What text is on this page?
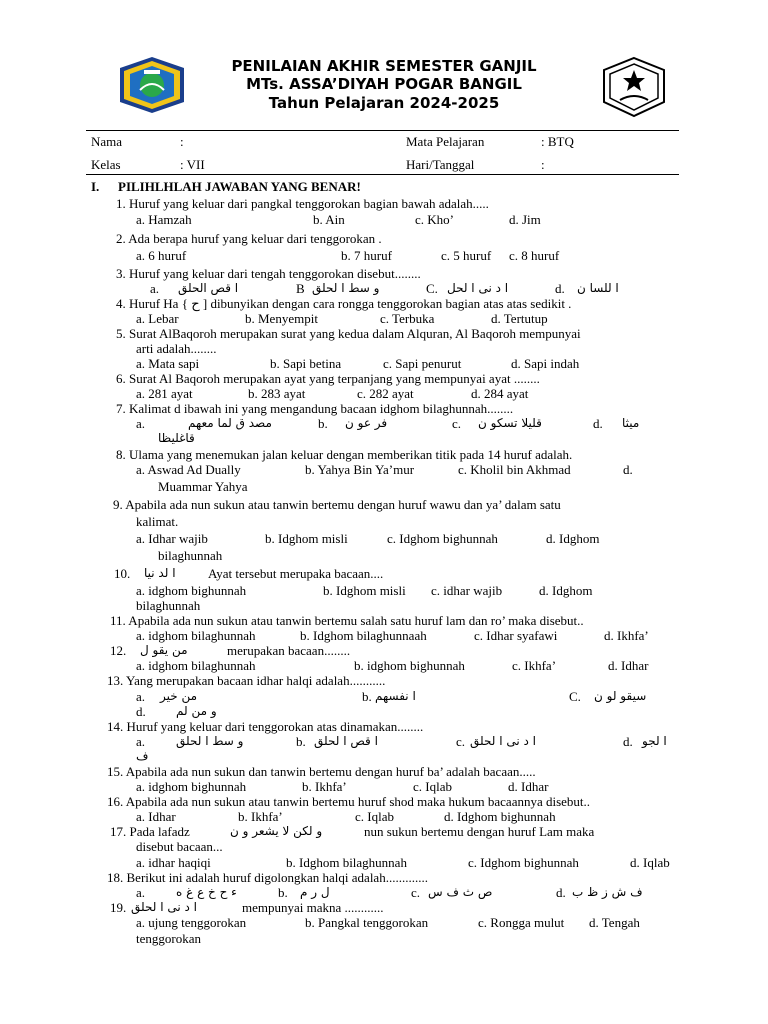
PENILAIAN AKHIR SEMESTER GANJIL
MTs. ASSA’DIYAH POGAR BANGIL
Tahun Pelajaran 2024-2025
Nama	:	Mata Pelajaran	: BTQ
Kelas	: VII	Hari/Tanggal	:
I. PILIHLHLAH JAWABAN YANG BENAR!
1. Huruf yang keluar dari pangkal tenggorokan bagian bawah adalah.....
a. Hamzah	b. Ain	c. Kho’	d. Jim
2. Ada berapa huruf yang keluar dari tenggorokan .
a. 6 huruf	b. 7 huruf	c. 5 huruf c. 8 huruf
3. Huruf yang keluar dari tengah tenggorokan disebut........
a. ا قص الحلق	B و سط ا لحلق	C. ا د نى ا لحل	d. ا للسا ن
4. Huruf Ha { ح ] dibunyikan dengan cara rongga tenggorokan bagian atas atas sedikit .
a. Lebar	b. Menyempit	c. Terbuka	d. Tertutup
5. Surat AlBaqoroh merupakan surat yang kedua dalam Alquran, Al Baqoroh mempunyai
arti adalah........
a. Mata sapi	b. Sapi betina	c. Sapi penurut	d. Sapi indah
6. Surat Al Baqoroh merupakan ayat yang terpanjang yang mempunyai ayat ........
a. 281 ayat	b. 283 ayat	c. 282 ayat	d. 284 ayat
7. Kalimat d ibawah ini yang mengandung bacaan idghom bilaghunnah........
a.	مصد ق لما معهم	b. فر عو ن	c. قليلا تسكو ن	d. ميثا
قاغليظا
8. Ulama yang menemukan jalan keluar dengan memberikan titik pada 14 huruf adalah.
a. Aswad Ad Dually	b. Yahya Bin Ya’mur	c. Kholil bin Akhmad	d.
Muammar Yahya
9. Apabila ada nun sukun atau tanwin bertemu dengan huruf wawu dan ya’ dalam satu
kalimat.
a. Idhar wajib	b. Idghom misli	c. Idghom bighunnah	d. Idghom
bilaghunnah
10. ا لد نيا Ayat tersebut merupaka bacaan....
a. idghom bighunnah	b. Idghom misli c. idhar wajib	d. Idghom
bilaghunnah
11. Apabila ada nun sukun atau tanwin bertemu salah satu huruf lam dan ro’ maka disebut..
a. idghom bilaghunnah	b. Idghom bilaghunnaah	c. Idhar syafawi	d. Ikhfa’
12. من يقو ل	merupakan bacaan........
a. idghom bilaghunnah	b. idghom bighunnah	c. Ikhfa’	d. Idhar
13. Yang merupakan bacaan idhar halqi adalah...........
a. من خير	b. ا نفسهم	C. سيقو لو ن
d.	و من لم
14. Huruf yang keluar dari tenggorokan atas dinamakan........
a.	و سط ا لحلق	b. ا قص ا لحلق	c. ا د نى ا لحلق	d. ا لجو
ف
15. Apabila ada nun sukun dan tanwin bertemu dengan huruf ba’ adalah bacaan.....
a. idghom bighunnah	b. Ikhfa’	c. Iqlab	d. Idhar
16. Apabila ada nun sukun atau tanwin bertemu huruf shod maka hukum bacaannya disebut..
a. Idhar	b. Ikhfa’	c. Iqlab	d. Idghom bighunnah
17. Pada lafadz	و لكن لا يشعر و ن	nun sukun bertemu dengan huruf Lam maka
disebut bacaan...
a. idhar haqiqi	b. Idghom bilaghunnah	c. Idghom bighunnah	d. Iqlab
18. Berikut ini adalah huruf digolongkan halqi adalah.............
a.	ء ح خ ع غ ه	b. ل ر م	c. ص ث ف س	d. ف ش ز ظ ب
19. ا د نى ا لحلق	mempunyai makna ............
a. ujung tenggorokan	b. Pangkal tenggorokan	c. Rongga mulut d. Tengah
tenggorokan
